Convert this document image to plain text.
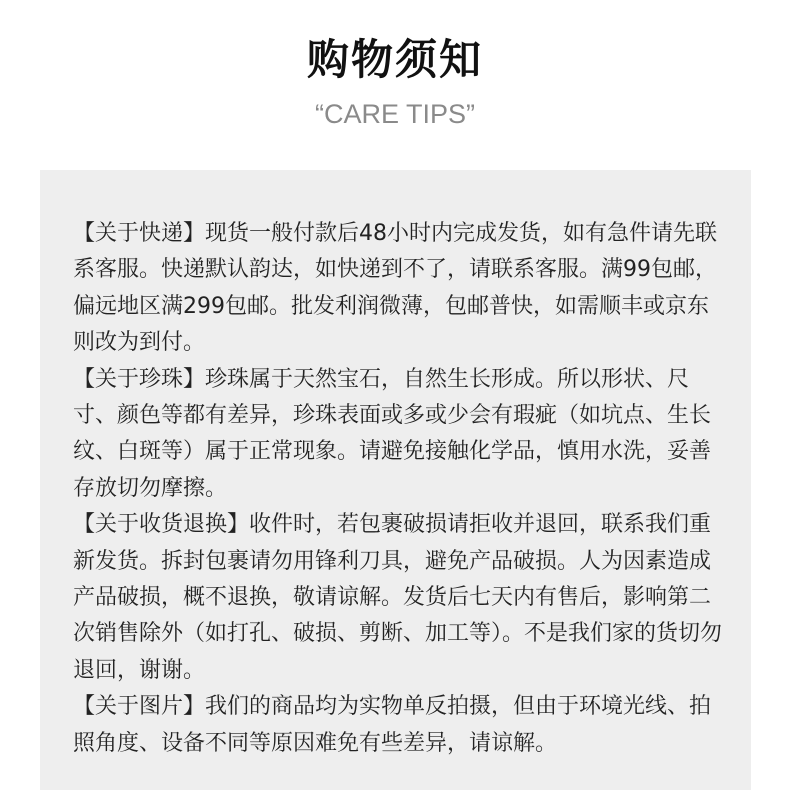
购物须知
“CARE TIPS”

【关于快递】现货一般付款后48小时内完成发货，如有急件请先联系客服。快递默认韵达，如快递到不了，请联系客服。满99包邮，偏远地区满299包邮。批发利润微薄，包邮普快，如需顺丰或京东则改为到付。

【关于珍珠】珍珠属于天然宝石，自然生长形成。所以形状、尺寸、颜色等都有差异，珍珠表面或多或少会有瑕疵（如坑点、生长纹、白斑等）属于正常现象。请避免接触化学品，慎用水洗，妥善存放切勿摩擦。

【关于收货退换】收件时，若包裹破损请拒收并退回，联系我们重新发货。拆封包裹请勿用锋利刀具，避免产品破损。人为因素造成产品破损，概不退换，敬请谅解。发货后七天内有售后，影响第二次销售除外（如打孔、破损、剪断、加工等）。不是我们家的货切勿退回，谢谢。

【关于图片】我们的商品均为实物单反拍摄，但由于环境光线、拍照角度、设备不同等原因难免有些差异，请谅解。
